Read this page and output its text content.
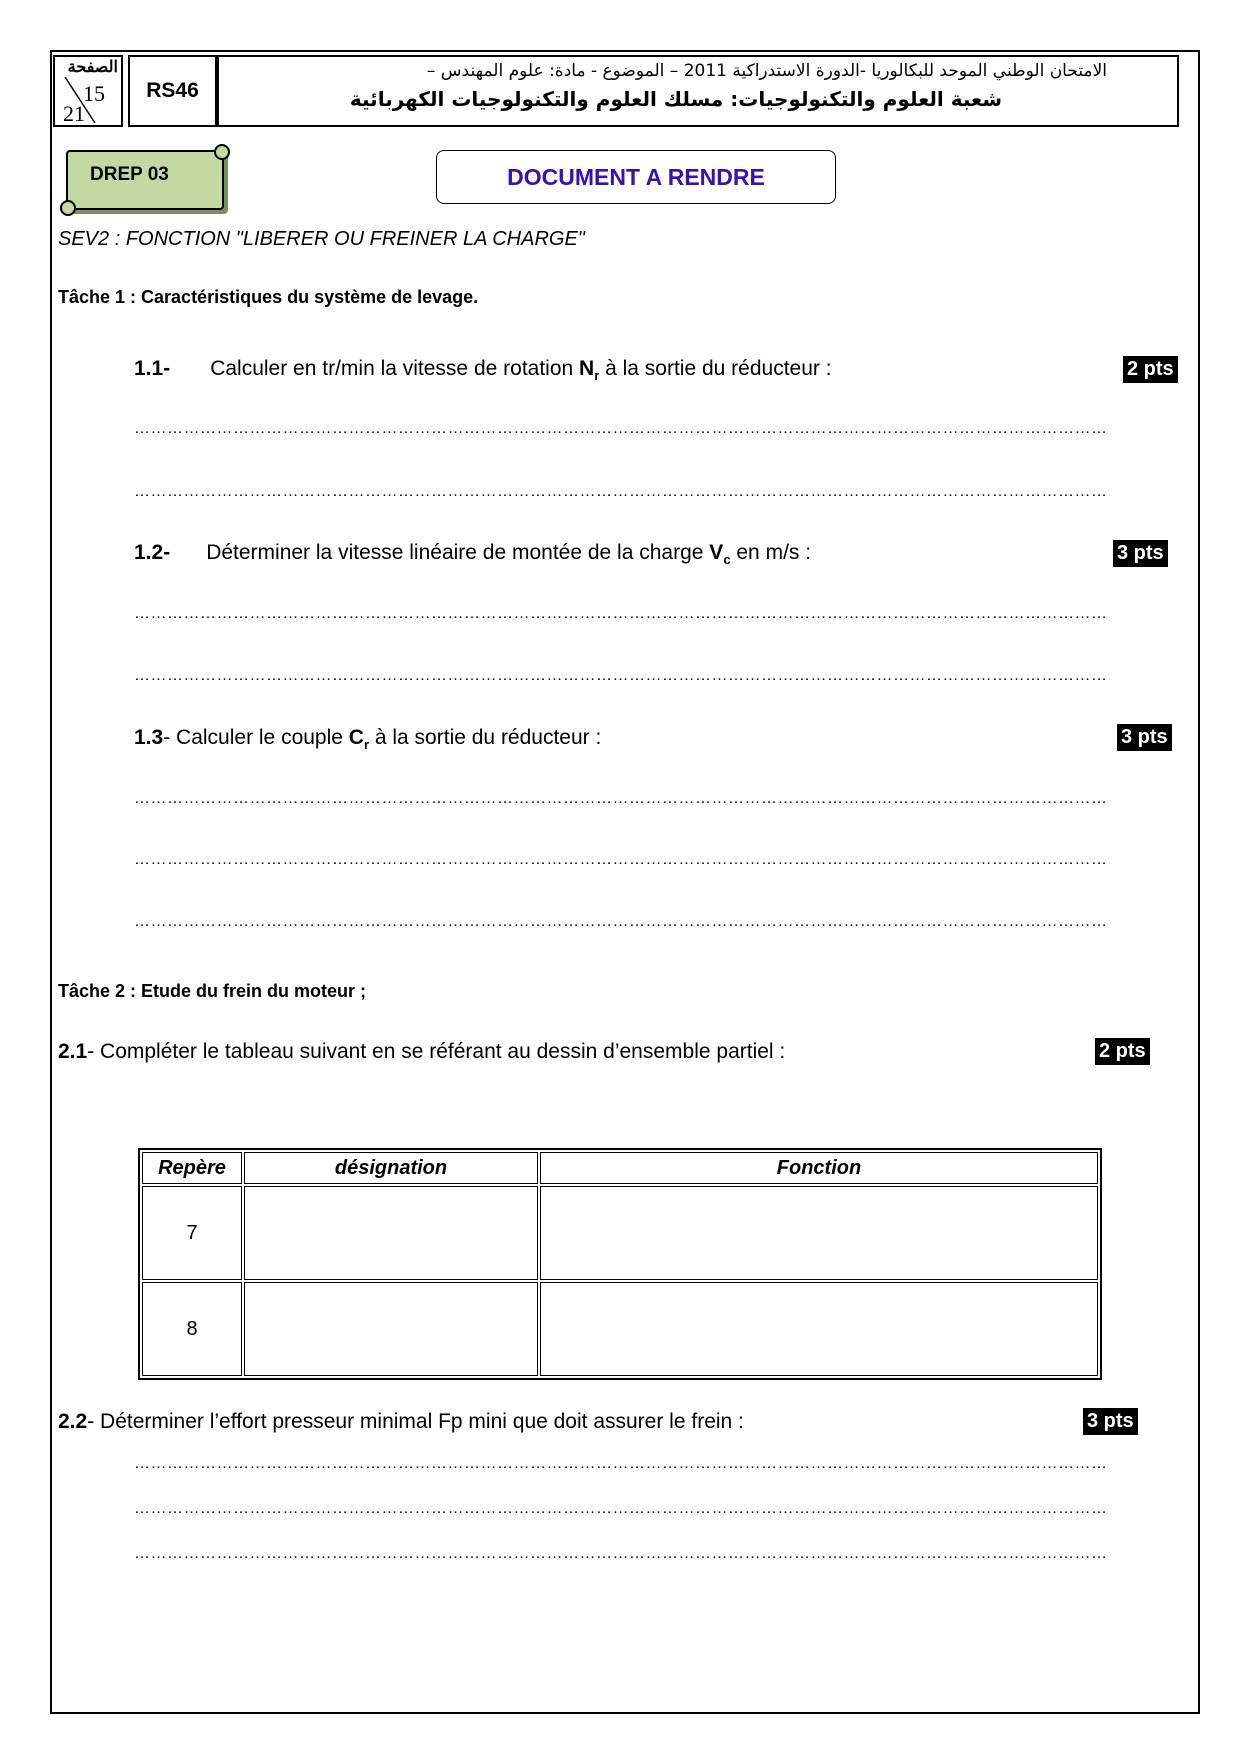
الصفحة
15
21
RS46
الامتحان الوطني الموحد للبكالوريا -الدورة الاستدراكية 2011 – الموضوع - مادة: علوم المهندس –
شعبة العلوم والتكنولوجيات: مسلك العلوم والتكنولوجيات الكهربائية
DREP 03	DOCUMENT A RENDRE
SEV2 : FONCTION "LIBERER OU FREINER LA CHARGE"
Tâche 1 : Caractéristiques du système de levage.
1.1- Calculer en tr/min la vitesse de rotation $N_r$ à la sortie du réducteur :	2 pts
……………………………………………………………………………………………………………………………………………………………
……………………………………………………………………………………………………………………………………………………………
1.2- Déterminer la vitesse linéaire de montée de la charge $V_c$ en m/s :	3 pts
……………………………………………………………………………………………………………………………………………………………
……………………………………………………………………………………………………………………………………………………………
1.3- Calculer le couple $C_r$ à la sortie du réducteur :	3 pts
……………………………………………………………………………………………………………………………………………………………
……………………………………………………………………………………………………………………………………………………………
……………………………………………………………………………………………………………………………………………………………
Tâche 2 : Etude du frein du moteur ;
2.1- Compléter le tableau suivant en se référant au dessin d’ensemble partiel :	2 pts
Repère	désignation	Fonction
7		
8		
2.2- Déterminer l’effort presseur minimal Fp mini que doit assurer le frein :	3 pts
……………………………………………………………………………………………………………………………………………………………
……………………………………………………………………………………………………………………………………………………………
……………………………………………………………………………………………………………………………………………………………
